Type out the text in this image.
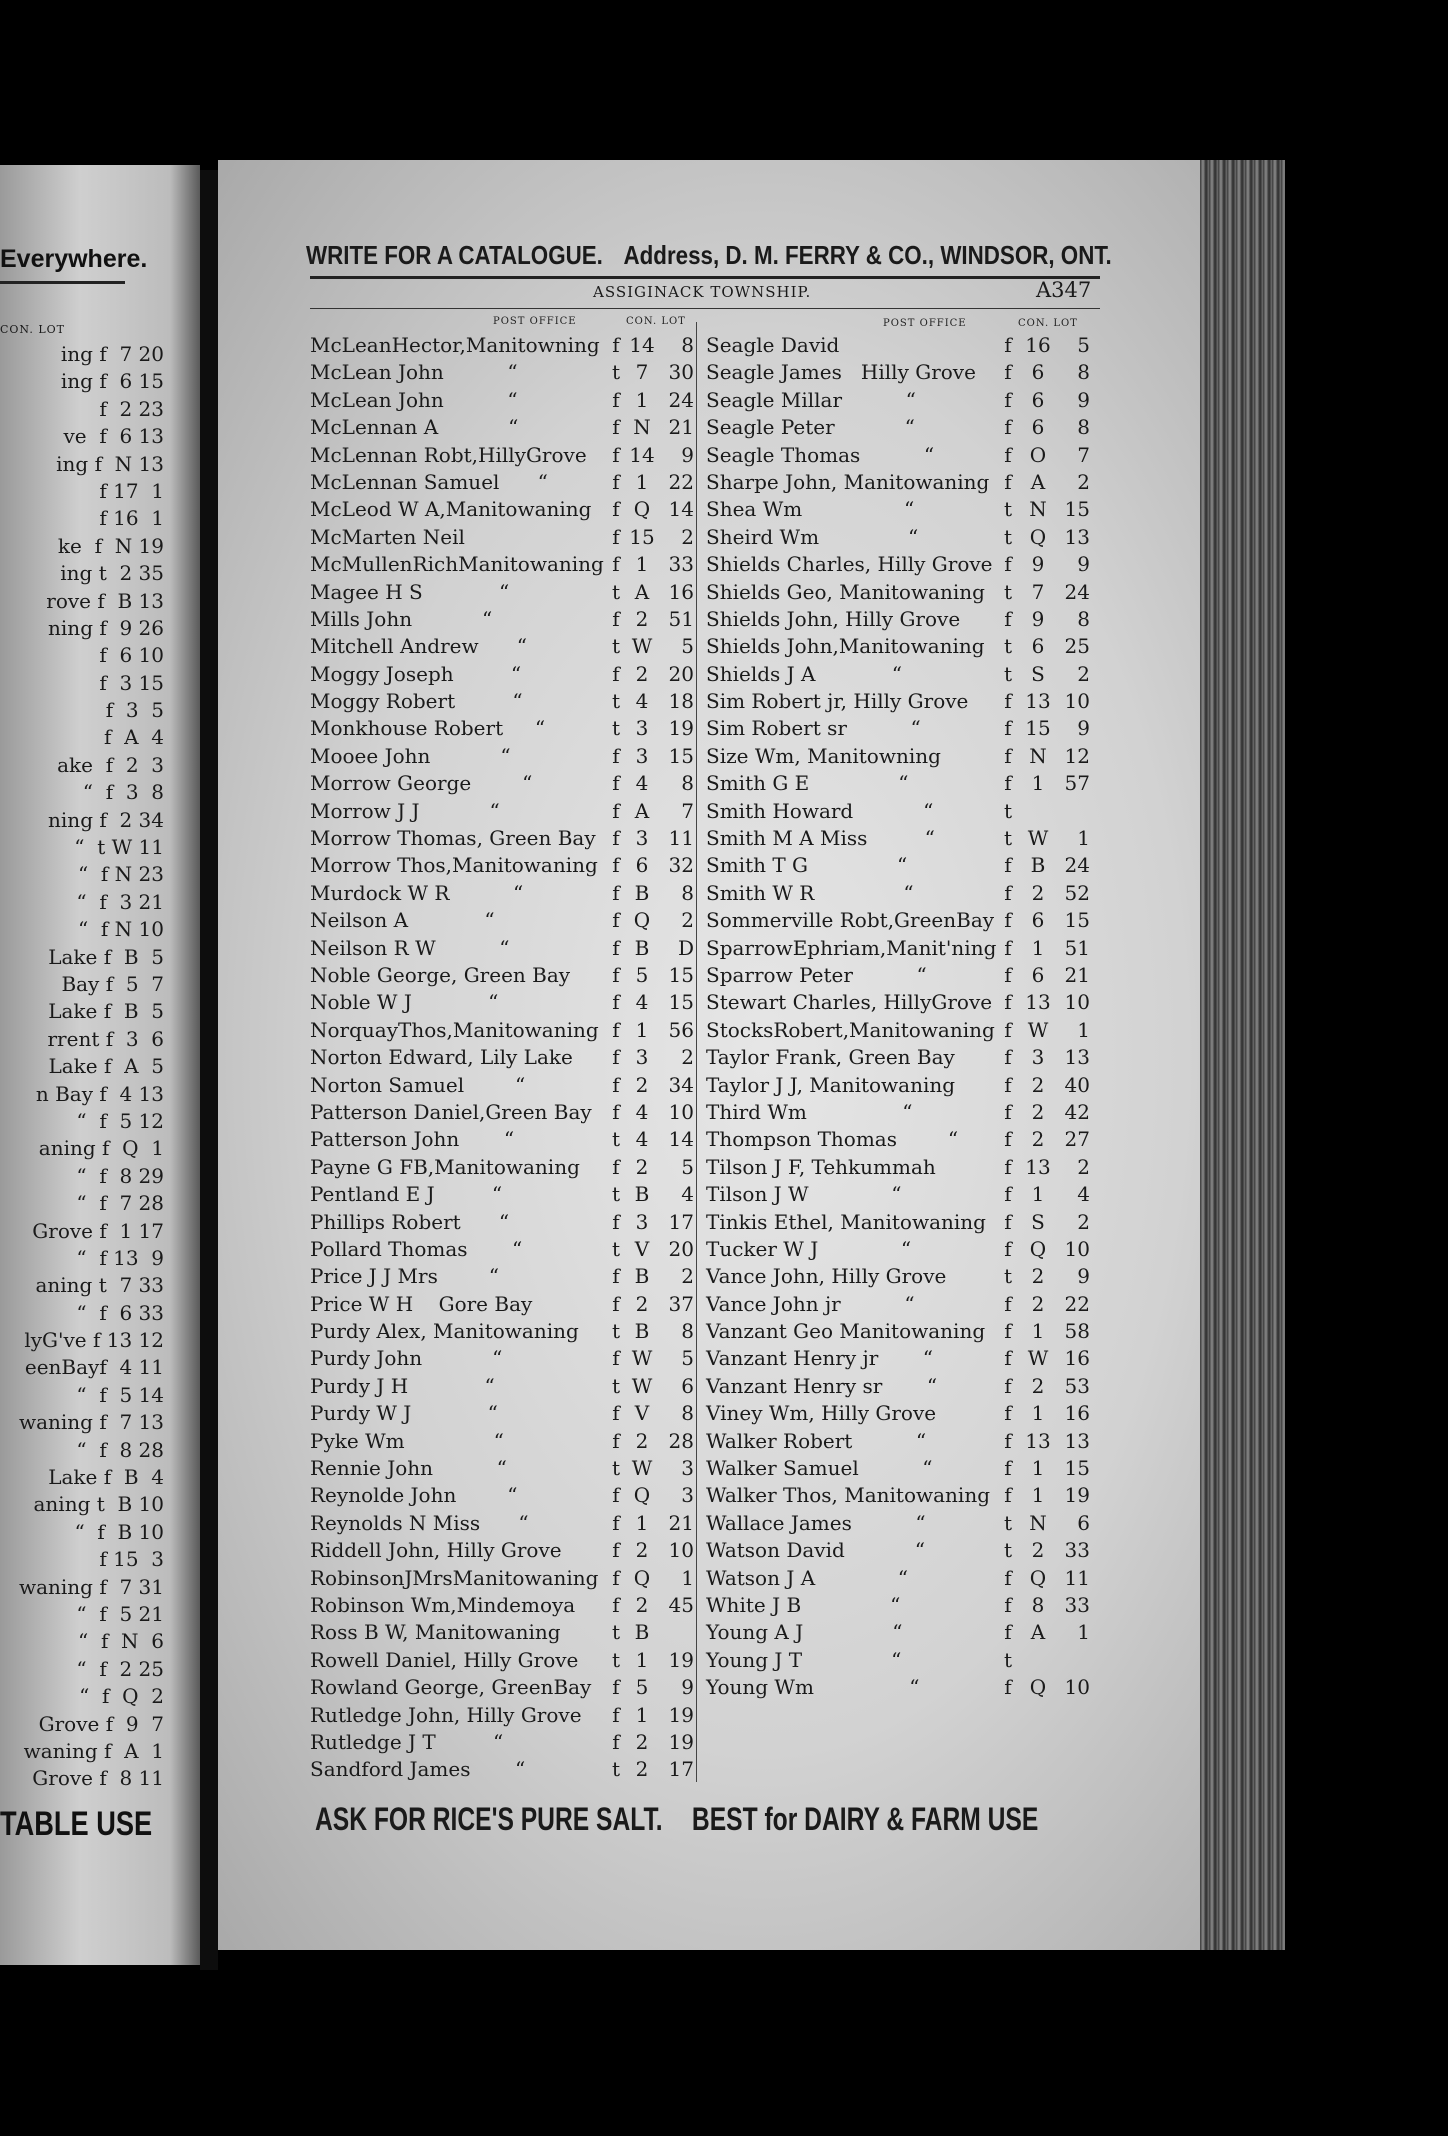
Everywhere.
CON. LOT
ing f  7 20
ing f  6 15
f  2 23
ve  f  6 13
ing f  N 13
f 17  1
f 16  1
ke  f  N 19
ing t  2 35
rove f  B 13
ning f  9 26
f  6 10
f  3 15
f  3  5
f  A  4
ake  f  2  3
“  f  3  8
ning f  2 34
“  t W 11
“  f N 23
“  f  3 21
“  f N 10
Lake f  B  5
Bay f  5  7
Lake f  B  5
rrent f  3  6
Lake f  A  5
n Bay f  4 13
“  f  5 12
aning f  Q  1
“  f  8 29
“  f  7 28
Grove f  1 17
“  f 13  9
aning t  7 33
“  f  6 33
lyG've f 13 12
eenBayf  4 11
“  f  5 14
waning f  7 13
“  f  8 28
Lake f  B  4
aning t  B 10
“  f  B 10
f 15  3
waning f  7 31
“  f  5 21
“  f  N  6
“  f  2 25
“  f  Q  2
Grove f  9  7
waning f  A  1
Grove f  8 11
TABLE USE
WRITE FOR A CATALOGUE. Address, D. M. FERRY & CO., WINDSOR, ONT.
ASSIGINACK TOWNSHIP.	A347
POST OFFICE	CON. LOT	POST OFFICE	CON. LOT
McLeanHector,Manitowning f 14	8
McLean John          “	t 7	30
McLean John          “	f 1	24
McLennan A           “	f N 21
McLennan Robt,HillyGrove f 14	9
McLennan Samuel      “	f 1	22
McLeod W A,Manitowaning f Q 14
McMarten Neil	f 15	2
McMullenRichManitowaning f 1	33
Magee H S            “	t A 16
Mills John           “	f 2	51
Mitchell Andrew      “	t W	5
Moggy Joseph         “	f 2	20
Moggy Robert         “	t 4	18
Monkhouse Robert     “	t 3	19
Mooee John           “	f 3	15
Morrow George        “	f 4	8
Morrow J J           “	f A	7
Morrow Thomas, Green Bay f 3	11
Morrow Thos,Manitowaning f 6	32
Murdock W R          “	f B	8
Neilson A            “	f Q	2
Neilson R W          “	f B	D
Noble George, Green Bay f 5	15
Noble W J            “	f 4	15
NorquayThos,Manitowaning f 1	56
Norton Edward, Lily Lake f 3	2
Norton Samuel        “	f 2	34
Patterson Daniel,Green Bay f 4	10
Patterson John       “	t 4	14
Payne G FB,Manitowaning f 2	5
Pentland E J         “	t B	4
Phillips Robert      “	f 3	17
Pollard Thomas       “	t V 20
Price J J Mrs        “	f B	2
Price W H    Gore Bay	f 2	37
Purdy Alex, Manitowaning t B	8
Purdy John           “	f W	5
Purdy J H            “	t W	6
Purdy W J            “	f V	8
Pyke Wm              “	f 2	28
Rennie John          “	t W	3
Reynolde John        “	f Q	3
Reynolds N Miss      “	f 1	21
Riddell John, Hilly Grove	f 2	10
RobinsonJMrsManitowaning f Q	1
Robinson Wm,Mindemoya f 2	45
Ross B W, Manitowaning	t B
Rowell Daniel, Hilly Grove t 1	19
Rowland George, GreenBay f 5	9
Rutledge John, Hilly Grove f 1	19
Rutledge J T         “	f 2	19
Sandford James       “	t 2	17
Seagle David	f 16	5
Seagle James   Hilly Grove f 6	8
Seagle Millar          “	f 6	9
Seagle Peter           “	f 6	8
Seagle Thomas          “	f O	7
Sharpe John, Manitowaning f A	2
Shea Wm                “	t N 15
Sheird Wm              “	t Q 13
Shields Charles, Hilly Grove f 9	9
Shields Geo, Manitowaning t 7	24
Shields John, Hilly Grove f 9	8
Shields John,Manitowaning t 6	25
Shields J A            “	t S	2
Sim Robert jr, Hilly Grove f 13 10
Sim Robert sr          “	f 15	9
Size Wm, Manitowning	f N 12
Smith G E              “	f 1	57
Smith Howard           “	t
Smith M A Miss         “	t W	1
Smith T G              “	f B 24
Smith W R              “	f 2	52
Sommerville Robt,GreenBay f 6	15
SparrowEphriam,Manit'ning f 1	51
Sparrow Peter          “	f 6	21
Stewart Charles, HillyGrove f 13 10
StocksRobert,Manitowaning f W	1
Taylor Frank, Green Bay f 3	13
Taylor J J, Manitowaning f 2	40
Third Wm               “	f 2	42
Thompson Thomas        “ f 2	27
Tilson J F, Tehkummah	f 13	2
Tilson J W             “	f 1	4
Tinkis Ethel, Manitowaning f S	2
Tucker W J             “	f Q 10
Vance John, Hilly Grove	t 2	9
Vance John jr          “	f 2	22
Vanzant Geo Manitowaning f 1	58
Vanzant Henry jr       “	f W 16
Vanzant Henry sr       “	f 2	53
Viney Wm, Hilly Grove	f 1	16
Walker Robert          “	f 13 13
Walker Samuel          “	f 1	15
Walker Thos, Manitowaning f 1	19
Wallace James          “	t N	6
Watson David           “	t 2	33
Watson J A             “	f Q 11
White J B              “	f 8	33
Young A J              “	f A	1
Young J T              “	t
Young Wm               “	f Q 10
ASK FOR RICE'S PURE SALT. BEST for DAIRY & FARM USE
